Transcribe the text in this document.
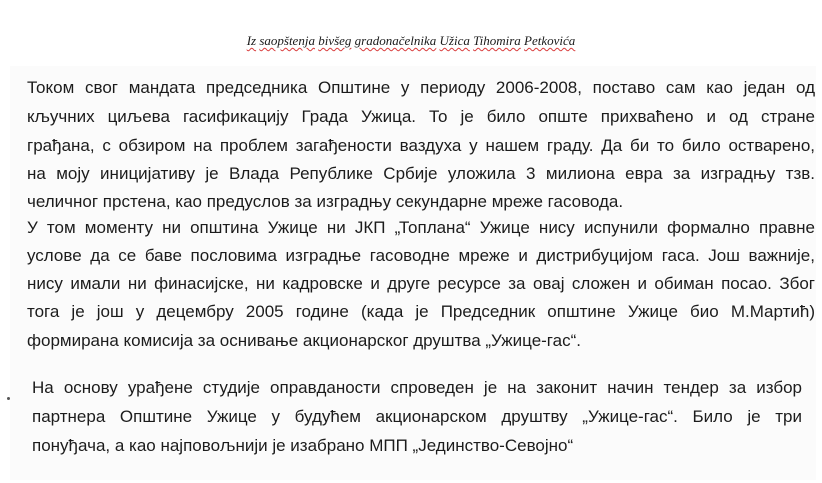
Iz saopštenja bivšeg gradonačelnika Užica Tihomira Petkovića
Током свог мандата председника Општине у периоду 2006-2008, поставо сам као један од
кључних циљева гасификацију Града Ужица. То је било опште прихваћено и од стране
грађана, с обзиром на проблем загађености ваздуха у нашем граду. Да би то било остварено,
на моју иницијативу је Влада Републике Србије уложила 3 милиона евра за изградњу тзв.
челичног прстена, као предуслов за изградњу секундарне мреже гасовода.
У том моменту ни општина Ужице ни ЈКП „Топлана“ Ужице нису испунили формално правне
услове да се баве пословима изградње гасоводне мреже и дистрибуцијом гаса. Још важније,
нису имали ни финасијске, ни кадровске и друге ресурсе за овај сложен и обиман посао. Због
тога је још у децембру 2005 године (када је Председник општине Ужице био М.Мартић)
формирана комисија за оснивање акционарског друштва „Ужице-гас“.
На основу урађене студије оправданости спроведен је на законит начин тендер за избор
партнера Општине Ужице у будућем акционарском друштву „Ужице-гас“. Било је три
понуђача, а као најповољнији је изабрано МПП „Јединство-Севојно“
